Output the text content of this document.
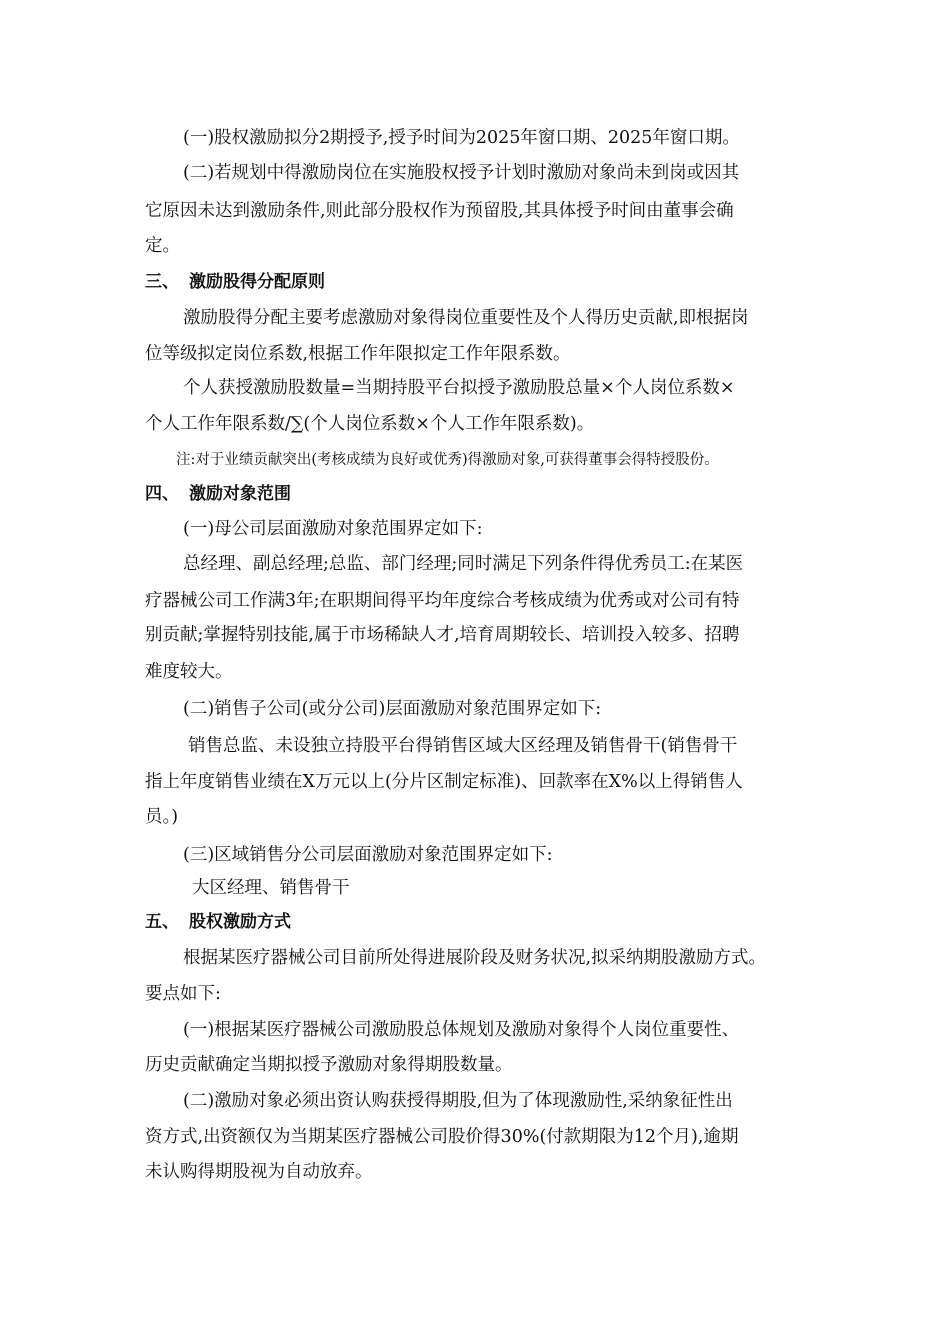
(一)股权激励拟分2期授予,授予时间为2025年窗口期、2025年窗口期。
(二)若规划中得激励岗位在实施股权授予计划时激励对象尚未到岗或因其
它原因未达到激励条件,则此部分股权作为预留股,其具体授予时间由董事会确
定。
三、 激励股得分配原则
激励股得分配主要考虑激励对象得岗位重要性及个人得历史贡献,即根据岗
位等级拟定岗位系数,根据工作年限拟定工作年限系数。
个人获授激励股数量=当期持股平台拟授予激励股总量×个人岗位系数×
个人工作年限系数/∑(个人岗位系数×个人工作年限系数)。
注:对于业绩贡献突出(考核成绩为良好或优秀)得激励对象,可获得董事会得特授股份。
四、 激励对象范围
(一)母公司层面激励对象范围界定如下:
总经理、副总经理;总监、部门经理;同时满足下列条件得优秀员工:在某医
疗器械公司工作满3年;在职期间得平均年度综合考核成绩为优秀或对公司有特
别贡献;掌握特别技能,属于市场稀缺人才,培育周期较长、培训投入较多、招聘
难度较大。
(二)销售子公司(或分公司)层面激励对象范围界定如下:
销售总监、未设独立持股平台得销售区域大区经理及销售骨干(销售骨干
指上年度销售业绩在X万元以上(分片区制定标准)、回款率在X%以上得销售人
员。)
(三)区域销售分公司层面激励对象范围界定如下:
大区经理、销售骨干
五、 股权激励方式
根据某医疗器械公司目前所处得进展阶段及财务状况,拟采纳期股激励方式。
要点如下:
(一)根据某医疗器械公司激励股总体规划及激励对象得个人岗位重要性、
历史贡献确定当期拟授予激励对象得期股数量。
(二)激励对象必须出资认购获授得期股,但为了体现激励性,采纳象征性出
资方式,出资额仅为当期某医疗器械公司股价得30%(付款期限为12个月),逾期
未认购得期股视为自动放弃。
